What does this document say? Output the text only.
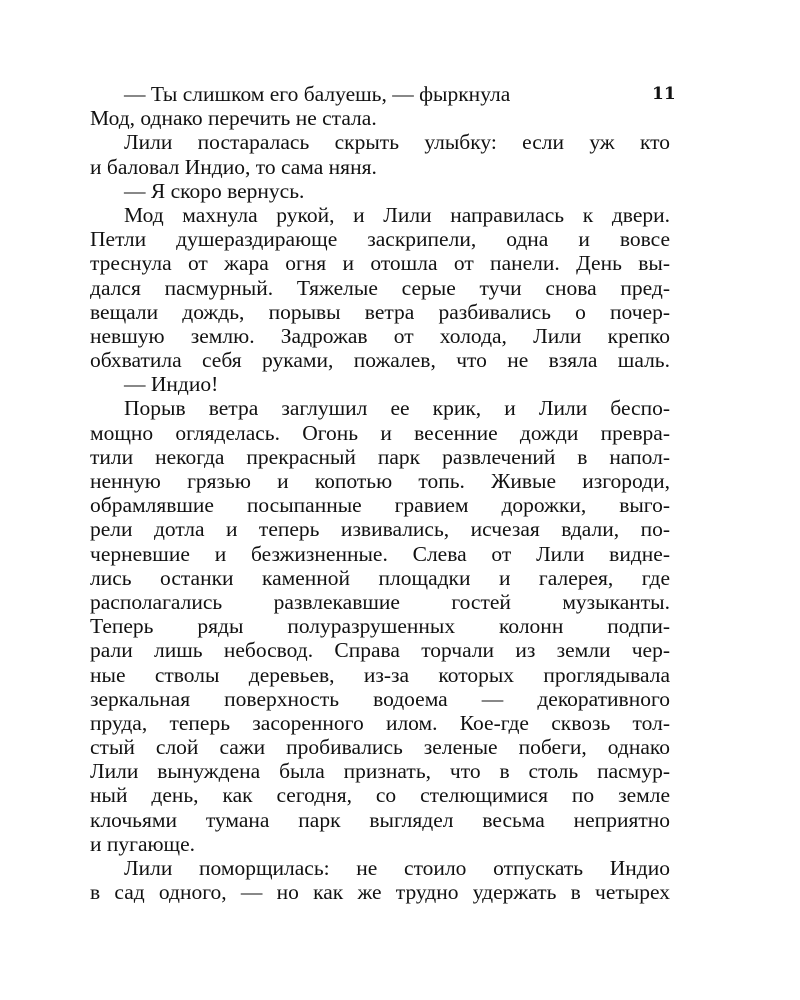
11
— Ты слишком его балуешь, — фыркнула
Мод, однако перечить не стала.
Лили постаралась скрыть улыбку: если уж кто
и баловал Индио, то сама няня.
— Я скоро вернусь.
Мод махнула рукой, и Лили направилась к двери.
Петли душераздирающе заскрипели, одна и вовсе
треснула от жара огня и отошла от панели. День вы-
дался пасмурный. Тяжелые серые тучи снова пред-
вещали дождь, порывы ветра разбивались о почер-
невшую землю. Задрожав от холода, Лили крепко
обхватила себя руками, пожалев, что не взяла шаль.
— Индио!
Порыв ветра заглушил ее крик, и Лили беспо-
мощно огляделась. Огонь и весенние дожди превра-
тили некогда прекрасный парк развлечений в напол-
ненную грязью и копотью топь. Живые изгороди,
обрамлявшие посыпанные гравием дорожки, выго-
рели дотла и теперь извивались, исчезая вдали, по-
черневшие и безжизненные. Слева от Лили видне-
лись останки каменной площадки и галерея, где
располагались развлекавшие гостей музыканты.
Теперь ряды полуразрушенных колонн подпи-
рали лишь небосвод. Справа торчали из земли чер-
ные стволы деревьев, из-за которых проглядывала
зеркальная поверхность водоема — декоративного
пруда, теперь засоренного илом. Кое-где сквозь тол-
стый слой сажи пробивались зеленые побеги, однако
Лили вынуждена была признать, что в столь пасмур-
ный день, как сегодня, со стелющимися по земле
клочьями тумана парк выглядел весьма неприятно
и пугающе.
Лили поморщилась: не стоило отпускать Индио
в сад одного, — но как же трудно удержать в четырех
